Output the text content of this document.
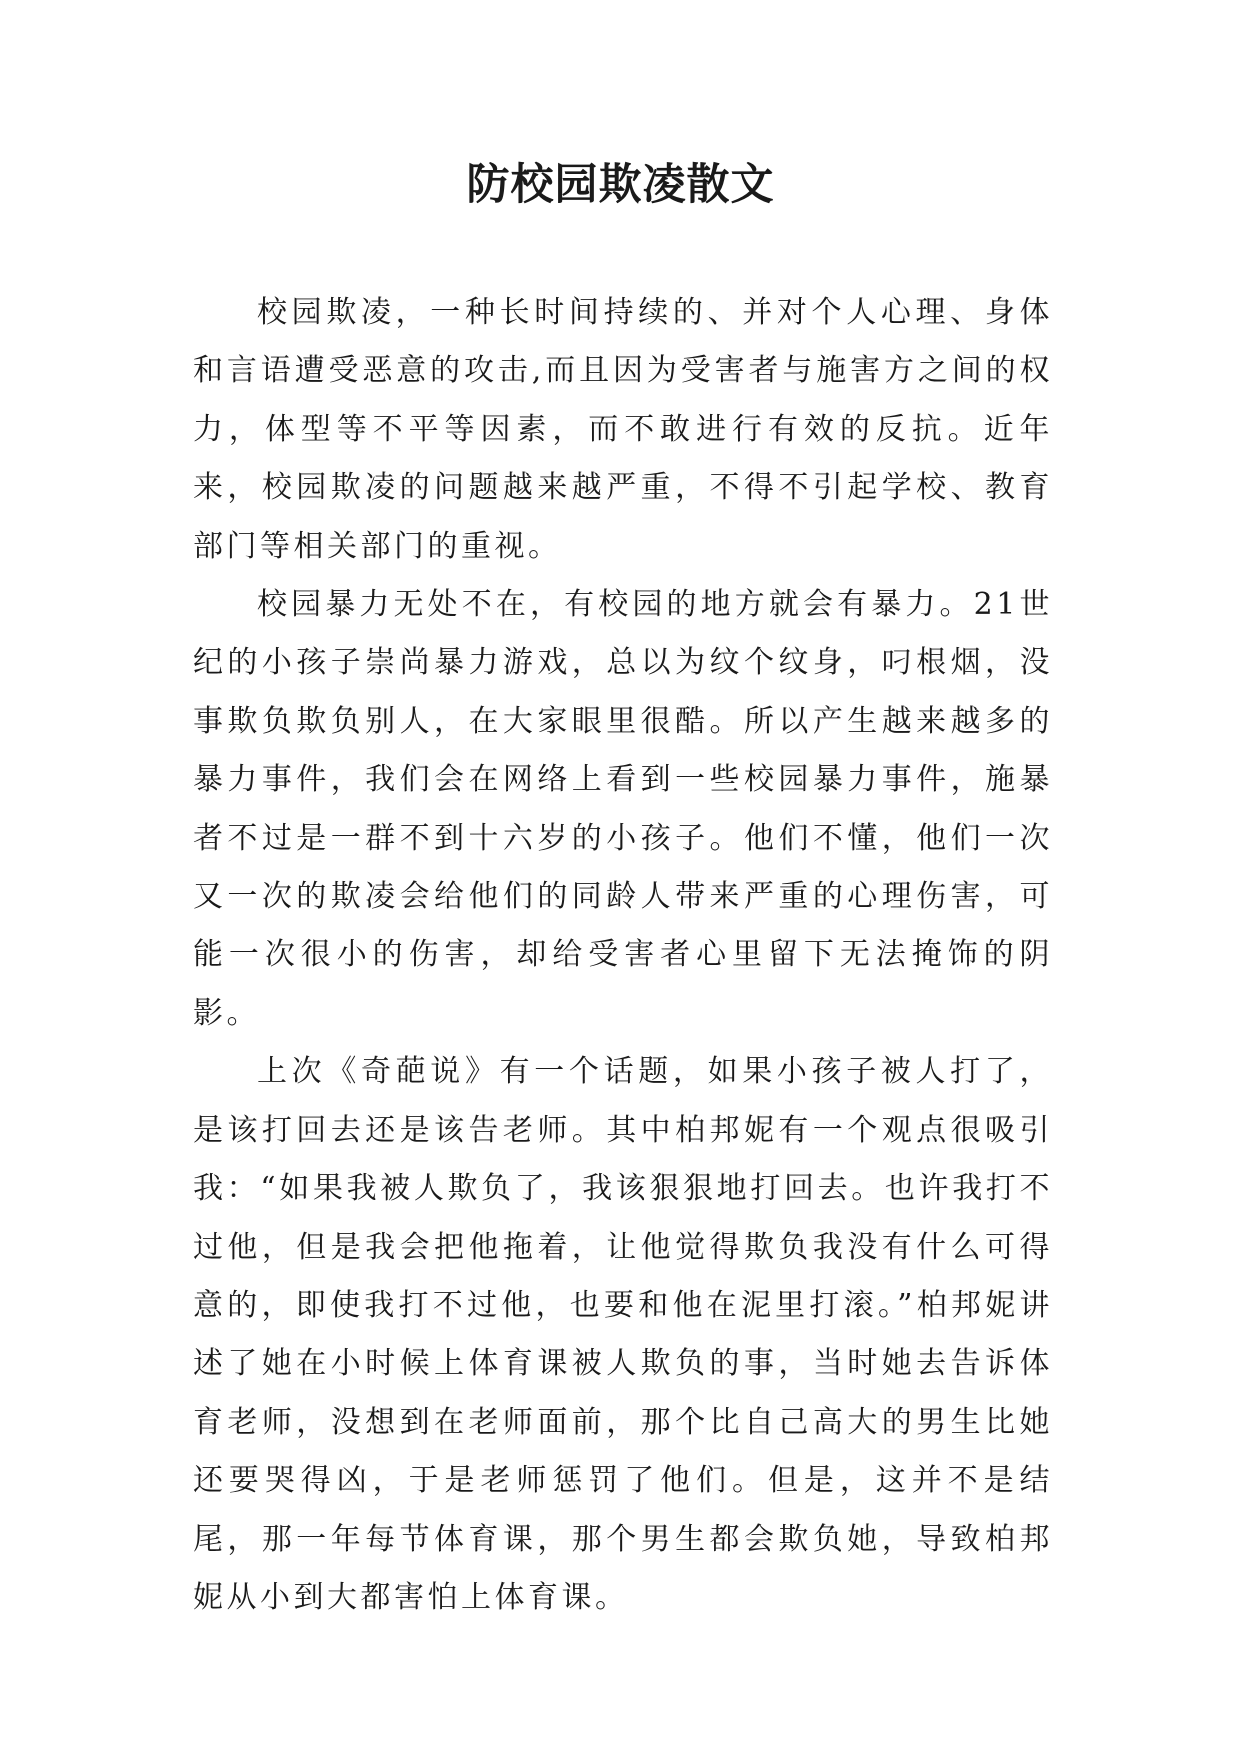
防校园欺凌散文

校园欺凌，一种长时间持续的、并对个人心理、身体和言语遭受恶意的攻击,而且因为受害者与施害方之间的权力，体型等不平等因素，而不敢进行有效的反抗。近年来，校园欺凌的问题越来越严重，不得不引起学校、教育部门等相关部门的重视。

校园暴力无处不在，有校园的地方就会有暴力。21世纪的小孩子崇尚暴力游戏，总以为纹个纹身，叼根烟，没事欺负欺负别人，在大家眼里很酷。所以产生越来越多的暴力事件，我们会在网络上看到一些校园暴力事件，施暴者不过是一群不到十六岁的小孩子。他们不懂，他们一次又一次的欺凌会给他们的同龄人带来严重的心理伤害，可能一次很小的伤害，却给受害者心里留下无法掩饰的阴影。

上次《奇葩说》有一个话题，如果小孩子被人打了，是该打回去还是该告老师。其中柏邦妮有一个观点很吸引我：“如果我被人欺负了，我该狠狠地打回去。也许我打不过他，但是我会把他拖着，让他觉得欺负我没有什么可得意的，即使我打不过他，也要和他在泥里打滚。”柏邦妮讲述了她在小时候上体育课被人欺负的事，当时她去告诉体育老师，没想到在老师面前，那个比自己高大的男生比她还要哭得凶，于是老师惩罚了他们。但是，这并不是结尾，那一年每节体育课，那个男生都会欺负她，导致柏邦妮从小到大都害怕上体育课。
